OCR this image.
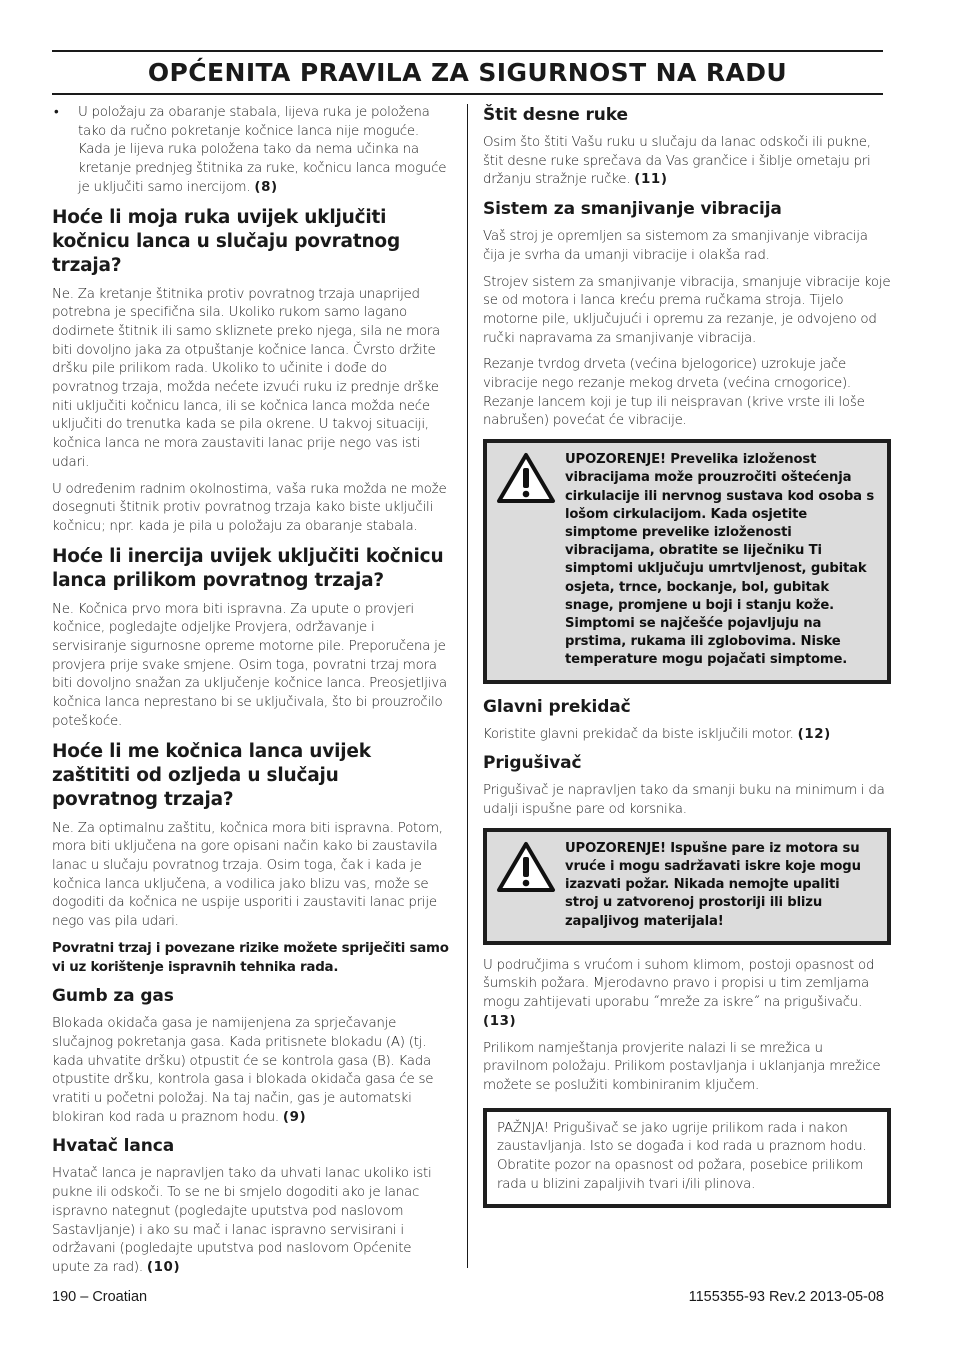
OPĆENITA PRAVILA ZA SIGURNOST NA RADU
• U položaju za obaranje stabala, lijeva ruka je položena tako da ručno pokretanje kočnice lanca nije moguće. Kada je lijeva ruka položena tako da nema učinka na kretanje prednjeg štitnika za ruke, kočnicu lanca moguće je uključiti samo inercijom. (8)
Hoće li moja ruka uvijek uključiti kočnicu lanca u slučaju povratnog trzaja?

Ne. Za kretanje štitnika protiv povratnog trzaja unaprijed potrebna je specifična sila. Ukoliko rukom samo lagano dodirnete štitnik ili samo skliznete preko njega, sila ne mora biti dovoljno jaka za otpuštanje kočnice lanca. Čvrsto držite dršku pile prilikom rada. Ukoliko to učinite i dođe do povratnog trzaja, možda nećete izvući ruku iz prednje drške niti uključiti kočnicu lanca, ili se kočnica lanca možda neće uključiti do trenutka kada se pila okrene. U takvoj situaciji, kočnica lanca ne mora zaustaviti lanac prije nego vas isti udari.

U određenim radnim okolnostima, vaša ruka možda ne može dosegnuti štitnik protiv povratnog trzaja kako biste uključili kočnicu; npr. kada je pila u položaju za obaranje stabala.

Hoće li inercija uvijek uključiti kočnicu lanca prilikom povratnog trzaja?

Ne. Kočnica prvo mora biti ispravna. Za upute o provjeri kočnice, pogledajte odjeljke Provjera, održavanje i servisiranje sigurnosne opreme motorne pile. Preporučena je provjera prije svake smjene. Osim toga, povratni trzaj mora biti dovoljno snažan za uključenje kočnice lanca. Preosjetljiva kočnica lanca neprestano bi se uključivala, što bi prouzročilo poteškoće.

Hoće li me kočnica lanca uvijek zaštititi od ozljeda u slučaju povratnog trzaja?

Ne. Za optimalnu zaštitu, kočnica mora biti ispravna. Potom, mora biti uključena na gore opisani način kako bi zaustavila lanac u slučaju povratnog trzaja. Osim toga, čak i kada je kočnica lanca uključena, a vodilica jako blizu vas, može se dogoditi da kočnica ne uspije usporiti i zaustaviti lanac prije nego vas pila udari.

Povratni trzaj i povezane rizike možete spriječiti samo vi uz korištenje ispravnih tehnika rada.

Gumb za gas

Blokada okidača gasa je namijenjena za sprječavanje slučajnog pokretanja gasa. Kada pritisnete blokadu (A) (tj. kada uhvatite dršku) otpustit će se kontrola gasa (B). Kada otpustite dršku, kontrola gasa i blokada okidača gasa će se vratiti u početni položaj. Na taj način, gas je automatski blokiran kod rada u praznom hodu. (9)

Hvatač lanca

Hvatač lanca je napravljen tako da uhvati lanac ukoliko isti pukne ili odskoči. To se ne bi smjelo dogoditi ako je lanac ispravno nategnut (pogledajte uputstva pod naslovom Sastavljanje) i ako su mač i lanac ispravno servisirani i održavani (pogledajte uputstva pod naslovom Općenite upute za rad). (10)

Štit desne ruke

Osim što štiti Vašu ruku u slučaju da lanac odskoči ili pukne, štit desne ruke sprečava da Vas grančice i šiblje ometaju pri držanju stražnje ručke. (11)

Sistem za smanjivanje vibracija

Vaš stroj je opremljen sa sistemom za smanjivanje vibracija čija je svrha da umanji vibracije i olakša rad.

Strojev sistem za smanjivanje vibracija, smanjuje vibracije koje se od motora i lanca kreću prema ručkama stroja. Tijelo motorne pile, uključujući i opremu za rezanje, je odvojeno od ručki napravama za smanjivanje vibracija.

Rezanje tvrdog drveta (većina bjelogorice) uzrokuje jače vibracije nego rezanje mekog drveta (većina crnogorice). Rezanje lancem koji je tup ili neispravan (krive vrste ili loše nabrušen) povećat će vibracije.

UPOZORENJE! Prevelika izloženost vibracijama može prouzročiti oštećenja cirkulacije ili nervnog sustava kod osoba s lošom cirkulacijom. Kada osjetite simptome prevelike izloženosti vibracijama, obratite se liječniku Ti simptomi uključuju umrtvljenost, gubitak osjeta, trnce, bockanje, bol, gubitak snage, promjene u boji i stanju kože. Simptomi se najčešće pojavljuju na prstima, rukama ili zglobovima. Niske temperature mogu pojačati simptome.
Glavni prekidač

Koristite glavni prekidač da biste isključili motor. (12)

Prigušivač

Prigušivač je napravljen tako da smanji buku na minimum i da udalji ispušne pare od korsnika.

UPOZORENJE! Ispušne pare iz motora su vruće i mogu sadržavati iskre koje mogu izazvati požar. Nikada nemojte upaliti stroj u zatvorenoj prostoriji ili blizu zapaljivog materijala!

U područjima s vrućom i suhom klimom, postoji opasnost od šumskih požara. Mjerodavno pravo i propisi u tim zemljama mogu zahtijevati uporabu ˝mreže za iskre˝ na prigušivaču.
(13)

Prilikom namještanja provjerite nalazi li se mrežica u pravilnom položaju. Prilikom postavljanja i uklanjanja mrežice možete se poslužiti kombiniranim ključem.

PAŽNJA! Prigušivač se jako ugrije prilikom rada i nakon zaustavljanja. Isto se događa i kod rada u praznom hodu. Obratite pozor na opasnost od požara, posebice prilikom rada u blizini zapaljivih tvari i/ili plinova.
190 – Croatian	1155355-93 Rev.2 2013-05-08
